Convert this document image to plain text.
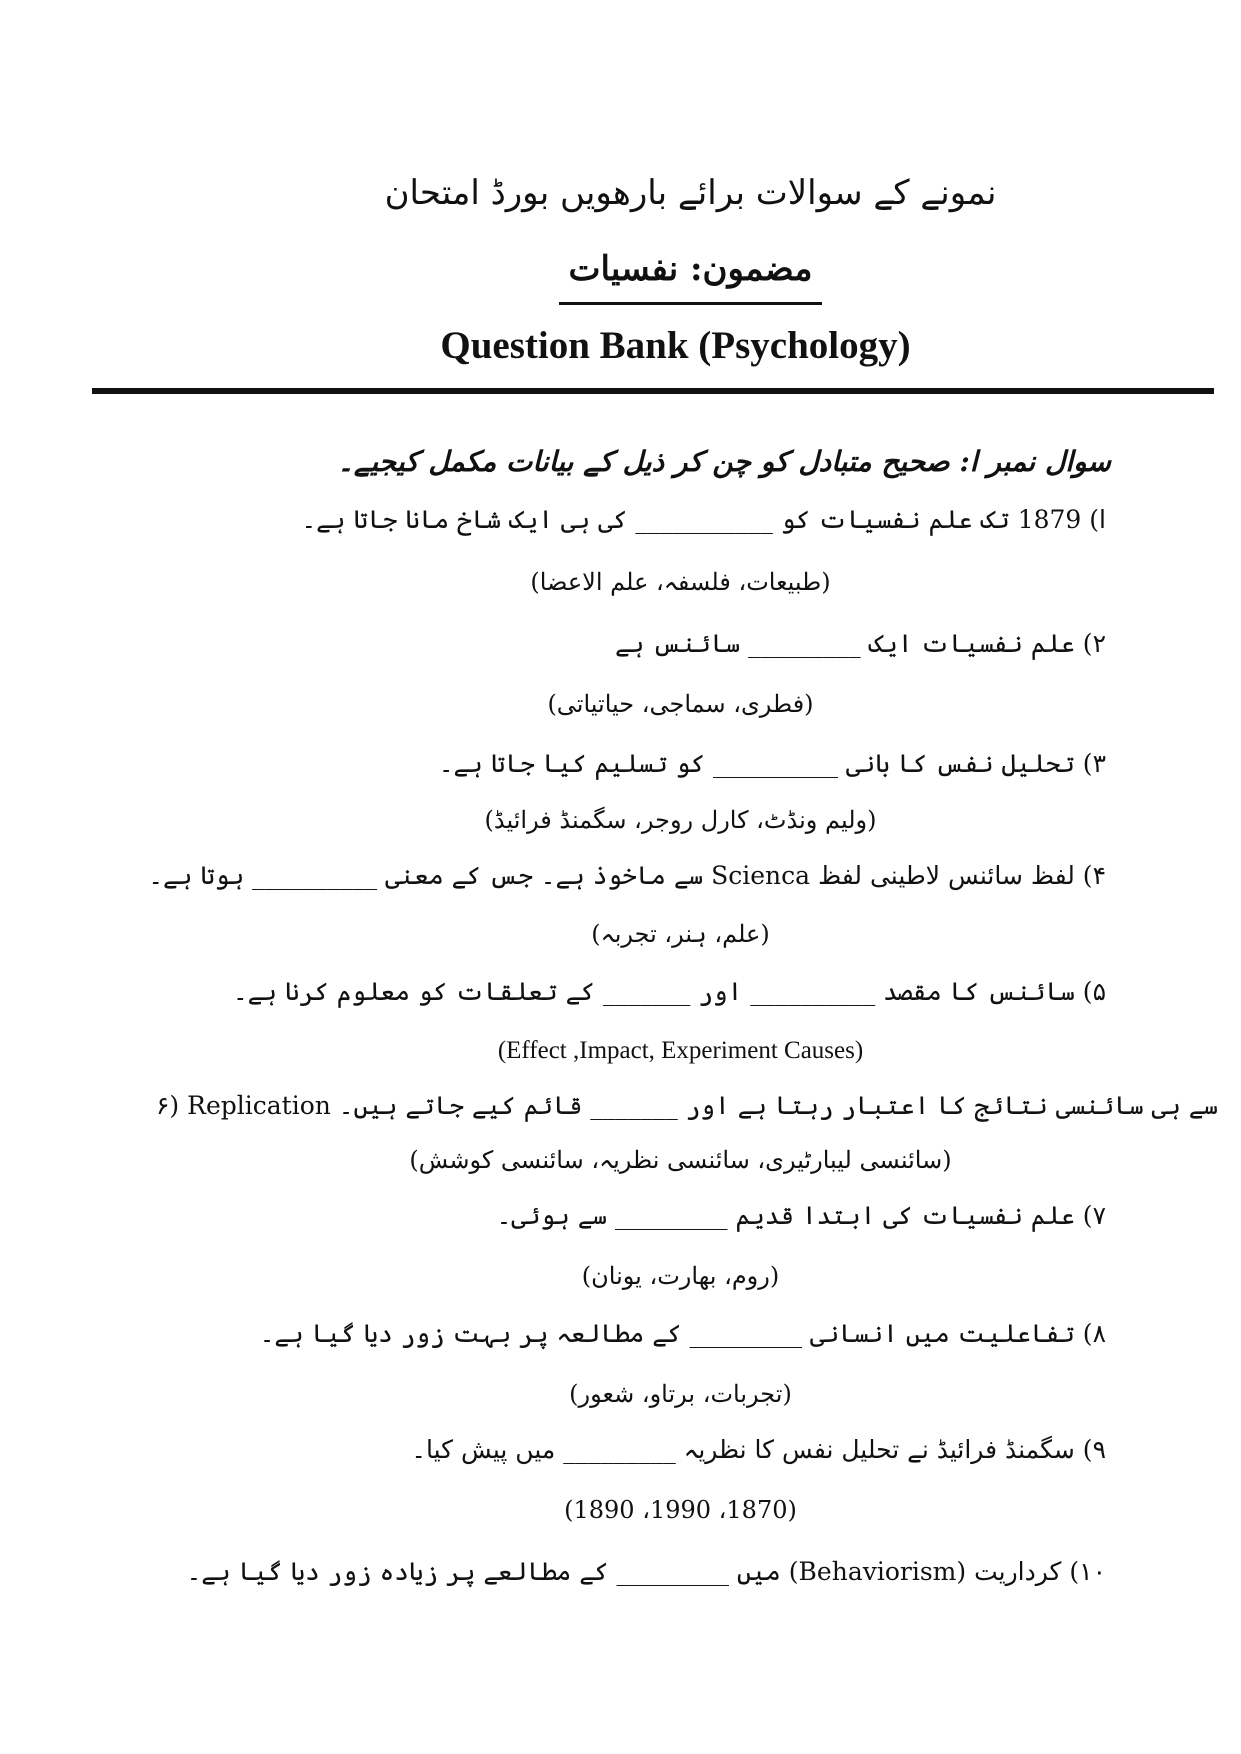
نمونے کے سوالات برائے بارھویں بورڈ امتحان
مضمون: نفسیات
Question Bank (Psychology)
سوال نمبر ا: صحیح متبادل کو چن کر ذیل کے بیانات مکمل کیجیے۔
ا) 1879 تک علم نفسیات کو ___________ کی ہی ایک شاخ مانا جاتا ہے۔
(طبیعات، فلسفہ، علم الاعضا)
۲) علم نفسیات ایک _________ سائنس ہے
(فطری، سماجی، حیاتیاتی)
۳) تحلیل نفس کا بانی __________ کو تسلیم کیا جاتا ہے۔
(ولیم ونڈٹ، کارل روجر، سگمنڈ فرائیڈ)
۴) لفظ سائنس لاطینی لفظ Scienca سے ماخوذ ہے۔ جس کے معنی __________ ہوتا ہے۔
(علم، ہنر، تجربہ)
۵) سائنس کا مقصد __________ اور _______ کے تعلقات کو معلوم کرنا ہے۔
(Effect ,Impact, Experiment Causes)
۶) Replication سے ہی سائنسی نتائج کا اعتبار رہتا ہے اور _______ قائم کیے جاتے ہیں۔
(سائنسی لیبارٹیری، سائنسی نظریہ، سائنسی کوشش)
۷) علم نفسیات کی ابتدا قدیم _________ سے ہوئی۔
(روم، بھارت، یونان)
۸) تفاعلیت میں انسانی _________ کے مطالعہ پر بہت زور دیا گیا ہے۔
(تجربات، برتاو، شعور)
۹) سگمنڈ فرائیڈ نے تحلیل نفس کا نظریہ _________ میں پیش کیا۔
(1870، 1990، 1890)
۱۰) کرداریت (Behaviorism) میں _________ کے مطالعے پر زیادہ زور دیا گیا ہے۔
